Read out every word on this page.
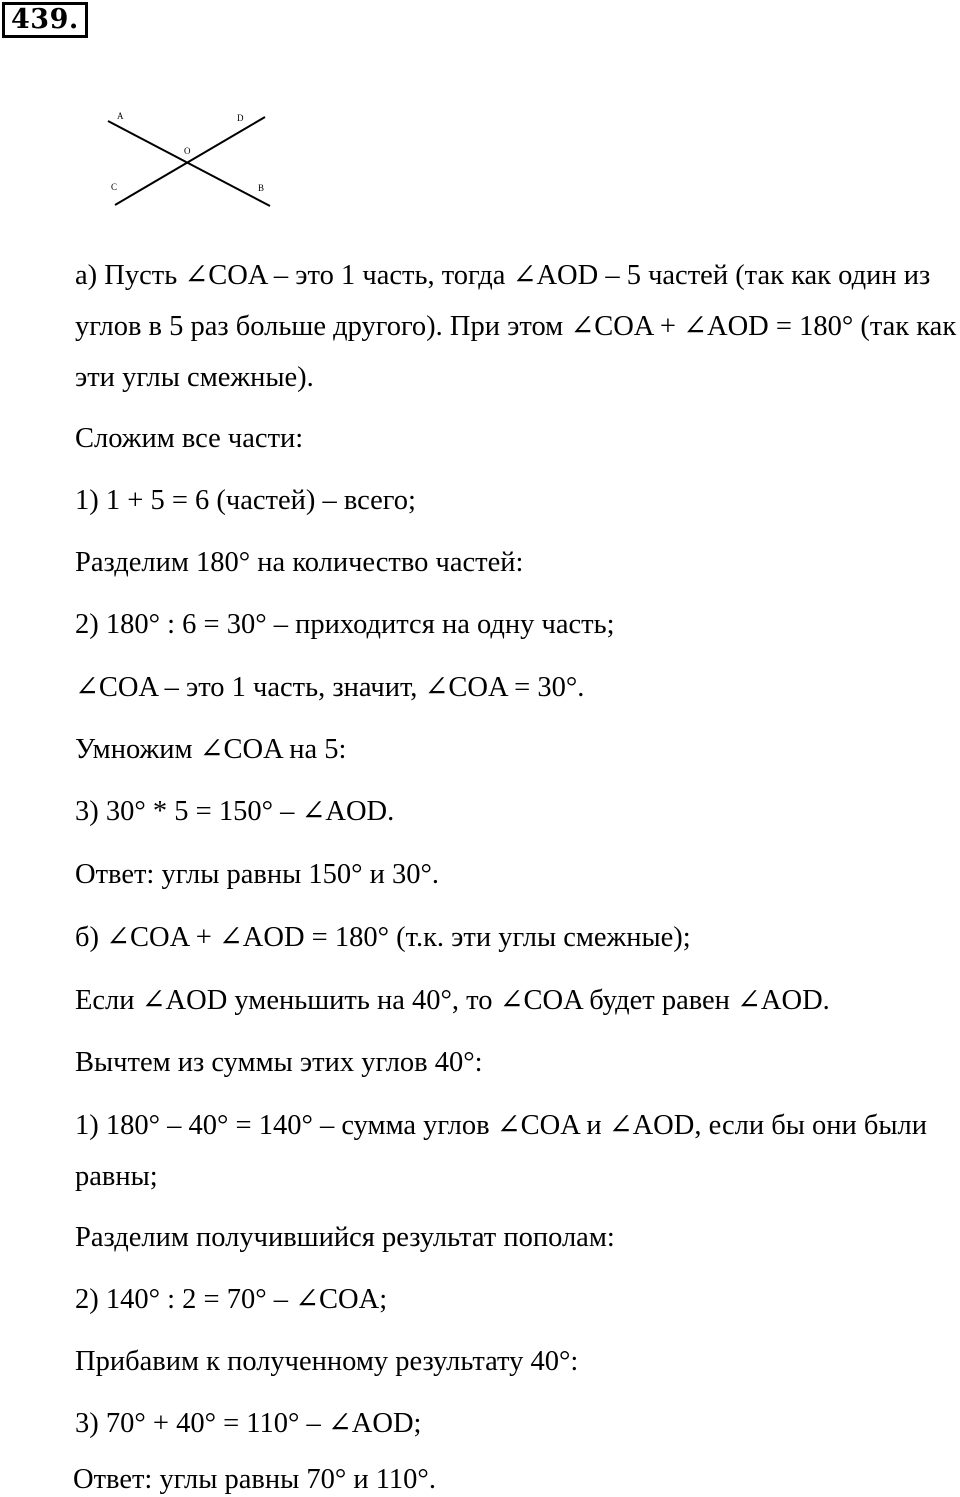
439.
A	D
O
C	B
а) Пусть ∠COA – это 1 часть, тогда ∠AOD – 5 частей (так как один из
углов в 5 раз больше другого). При этом ∠COA + ∠AOD = 180° (так как
эти углы смежные).
Сложим все части:
1) 1 + 5 = 6 (частей) – всего;
Разделим 180° на количество частей:
2) 180° : 6 = 30° – приходится на одну часть;
∠COA – это 1 часть, значит, ∠COA = 30°.
Умножим ∠COA на 5:
3) 30° * 5 = 150° – ∠AOD.
Ответ: углы равны 150° и 30°.
б) ∠COA + ∠AOD = 180° (т.к. эти углы смежные);
Если ∠AOD уменьшить на 40°, то ∠COA будет равен ∠AOD.
Вычтем из суммы этих углов 40°:
1) 180° – 40° = 140° – сумма углов ∠COA и ∠AOD, если бы они были
равны;
Разделим получившийся результат пополам:
2) 140° : 2 = 70° – ∠COA;
Прибавим к полученному результату 40°:
3) 70° + 40° = 110° – ∠AOD;
Ответ: углы равны 70° и 110°.
